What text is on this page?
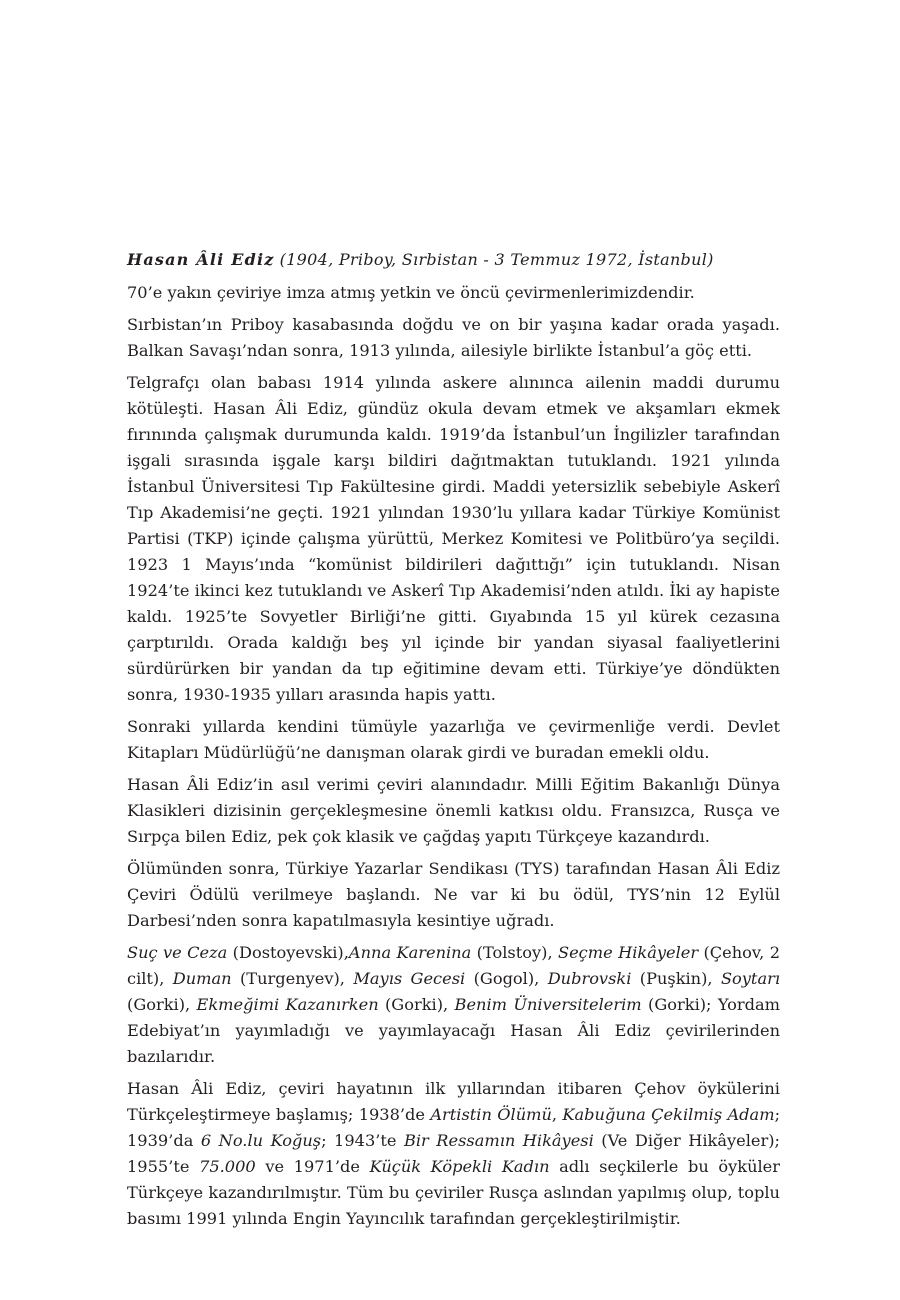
Hasan Âli Ediz (1904, Priboy, Sırbistan - 3 Temmuz 1972, İstanbul)

70’e yakın çeviriye imza atmış yetkin ve öncü çevirmenlerimizdendir.

Sırbistan’ın Priboy kasabasında doğdu ve on bir yaşına kadar orada yaşadı. Balkan Savaşı’ndan sonra, 1913 yılında, ailesiyle birlikte İstanbul’a göç etti.

Telgrafçı olan babası 1914 yılında askere alınınca ailenin maddi durumu kötüleşti. Hasan Âli Ediz, gündüz okula devam etmek ve akşamları ekmek fırınında çalışmak durumunda kaldı. 1919’da İstanbul’un İngilizler tarafından işgali sırasında işgale karşı bildiri dağıtmaktan tutuklandı. 1921 yılında İstanbul Üniversitesi Tıp Fakültesine girdi. Maddi yetersizlik sebebiyle Askerî Tıp Akademisi’ne geçti. 1921 yılından 1930’lu yıllara kadar Türkiye Komünist Partisi (TKP) içinde çalışma yürüttü, Merkez Komitesi ve Politbüro’ya seçildi. 1923 1 Mayıs’ında “komünist bildirileri dağıttığı” için tutuklandı. Nisan 1924’te ikinci kez tutuklandı ve Askerî Tıp Akademisi’nden atıldı. İki ay hapiste kaldı. 1925’te Sovyetler Birliği’ne gitti. Gıyabında 15 yıl kürek cezasına çarptırıldı. Orada kaldığı beş yıl içinde bir yandan siyasal faaliyetlerini sürdürürken bir yandan da tıp eğitimine devam etti. Türkiye’ye döndükten sonra, 1930-1935 yılları arasında hapis yattı.

Sonraki yıllarda kendini tümüyle yazarlığa ve çevirmenliğe verdi. Devlet Kitapları Müdürlüğü’ne danışman olarak girdi ve buradan emekli oldu.

Hasan Âli Ediz’in asıl verimi çeviri alanındadır. Milli Eğitim Bakanlığı Dünya Klasikleri dizisinin gerçekleşmesine önemli katkısı oldu. Fransızca, Rusça ve Sırpça bilen Ediz, pek çok klasik ve çağdaş yapıtı Türkçeye kazandırdı.

Ölümünden sonra, Türkiye Yazarlar Sendikası (TYS) tarafından Hasan Âli Ediz Çeviri Ödülü verilmeye başlandı. Ne var ki bu ödül, TYS’nin 12 Eylül Darbesi’nden sonra kapatılmasıyla kesintiye uğradı.

Suç ve Ceza (Dostoyevski),Anna Karenina (Tolstoy), Seçme Hikâyeler (Çehov, 2 cilt), Duman (Turgenyev), Mayıs Gecesi (Gogol), Dubrovski (Puşkin), Soytarı (Gorki), Ekmeğimi Kazanırken (Gorki), Benim Üniversitelerim (Gorki); Yordam Edebiyat’ın yayımladığı ve yayımlayacağı Hasan Âli Ediz çevirilerinden bazılarıdır.

Hasan Âli Ediz, çeviri hayatının ilk yıllarından itibaren Çehov öykülerini Türkçeleştirmeye başlamış; 1938’de Artistin Ölümü, Kabuğuna Çekilmiş Adam; 1939’da 6 No.lu Koğuş; 1943’te Bir Ressamın Hikâyesi (Ve Diğer Hikâyeler); 1955’te 75.000 ve 1971’de Küçük Köpekli Kadın adlı seçkilerle bu öyküler Türkçeye kazandırılmıştır. Tüm bu çeviriler Rusça aslından yapılmış olup, toplu basımı 1991 yılında Engin Yayıncılık tarafından gerçekleştirilmiştir.
